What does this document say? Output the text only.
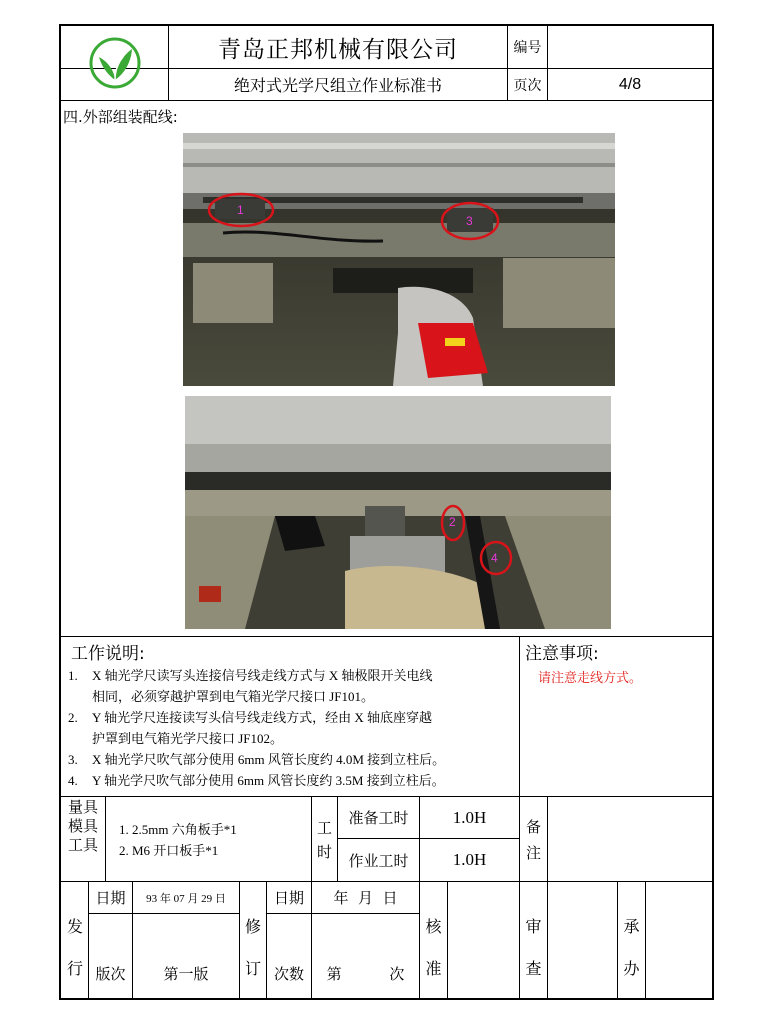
青岛正邦机械有限公司
绝对式光学尺组立作业标准书
编号
页次	4/8
四.外部组装配线:
1
3
2
4
工作说明:
1.	X 轴光学尺读写头连接信号线走线方式与 X 轴极限开关电线
相同，必须穿越护罩到电气箱光学尺接口 JF101。
2.	Y 轴光学尺连接读写头信号线走线方式，经由 X 轴底座穿越
护罩到电气箱光学尺接口 JF102。
3.	X 轴光学尺吹气部分使用 6mm 风管长度约 4.0M 接到立柱后。
4.	Y 轴光学尺吹气部分使用 6mm 风管长度约 3.5M 接到立柱后。
注意事项:
请注意走线方式。
量具
模具
工具
1. 2.5mm 六角板手*1
2. M6 开口板手*1
工
时
准备工时	1.0H
作业工时	1.0H
备
注
发
行
日期	93 年 07 月 29 日
版次	第一版
修
订
日期	年  月  日
次数	第          次
核
准
审
查
承
办
